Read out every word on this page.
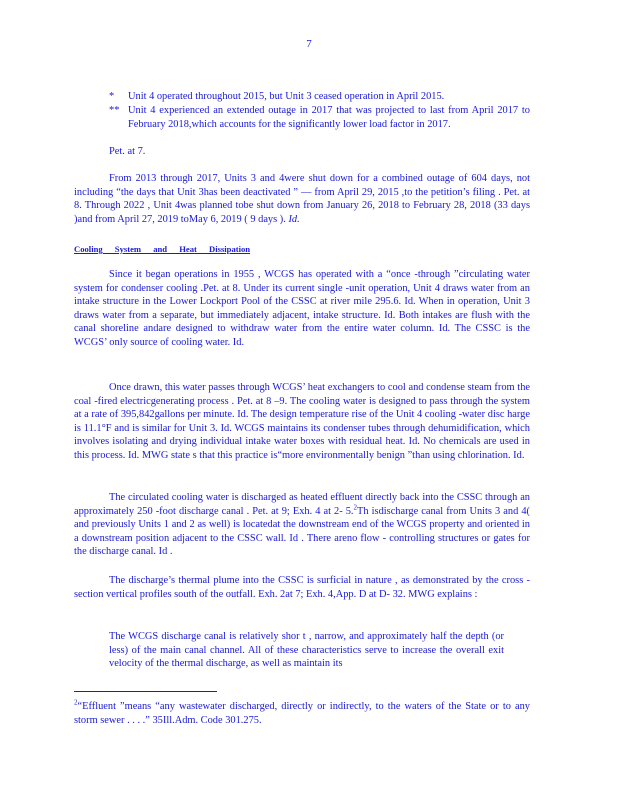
7
* Unit 4 operated throughout 2015, but Unit 3 ceased operation in April 2015.
** Unit 4 experienced an extended outage in 2017 that was projected to last from April 2017 to February 2018,which accounts for the significantly lower load factor in 2017.
Pet. at 7.
From 2013 through 2017, Units 3 and 4were shut down for a combined outage of 604 days, not including “the days that Unit 3has been deactivated ” — from April 29, 2015 ,to the petition’s filing . Pet. at 8. Through 2022 , Unit 4was planned tobe shut down from January 26, 2018 to February 28, 2018 (33 days )and from April 27, 2019 toMay 6, 2019 ( 9 days ). Id.
Cooling System and Heat Dissipation
Since it began operations in 1955 , WCGS has operated with a “once -through ”circulating water system for condenser cooling .Pet. at 8. Under its current single -unit operation, Unit 4 draws water from an intake structure in the Lower Lockport Pool of the CSSC at river mile 295.6. Id. When in operation, Unit 3 draws water from a separate, but immediately adjacent, intake structure. Id. Both intakes are flush with the canal shoreline andare designed to withdraw water from the entire water column. Id. The CSSC is the WCGS’ only source of cooling water. Id.
Once drawn, this water passes through WCGS’ heat exchangers to cool and condense steam from the coal -fired electricgenerating process . Pet. at 8 –9. The cooling water is designed to pass through the system at a rate of 395,842gallons per minute. Id. The design temperature rise of the Unit 4 cooling -water disc harge is 11.1°F and is similar for Unit 3. Id. WCGS maintains its condenser tubes through dehumidification, which involves isolating and drying individual intake water boxes with residual heat. Id. No chemicals are used in this process. Id. MWG state s that this practice is“more environmentally benign ”than using chlorination. Id.
The circulated cooling water is discharged as heated effluent directly back into the CSSC through an approximately 250 -foot discharge canal . Pet. at 9; Exh. 4 at 2- 5.$^2$Th isdischarge canal from Units 3 and 4( and previously Units 1 and 2 as well) is locatedat the downstream end of the WCGS property and oriented in a downstream position adjacent to the CSSC wall. Id . There areno flow - controlling structures or gates for the discharge canal. Id .
The discharge’s thermal plume into the CSSC is surficial in nature , as demonstrated by the cross -section vertical profiles south of the outfall. Exh. 2at 7; Exh. 4,App. D at D- 32. MWG explains :
The WCGS discharge canal is relatively shor t , narrow, and approximately half the depth (or less) of the main canal channel. All of these characteristics serve to increase the overall exit velocity of the thermal discharge, as well as maintain its
$^2$“Effluent ”means “any wastewater discharged, directly or indirectly, to the waters of the State or to any storm sewer . . . .” 35Ill.Adm. Code 301.275.
